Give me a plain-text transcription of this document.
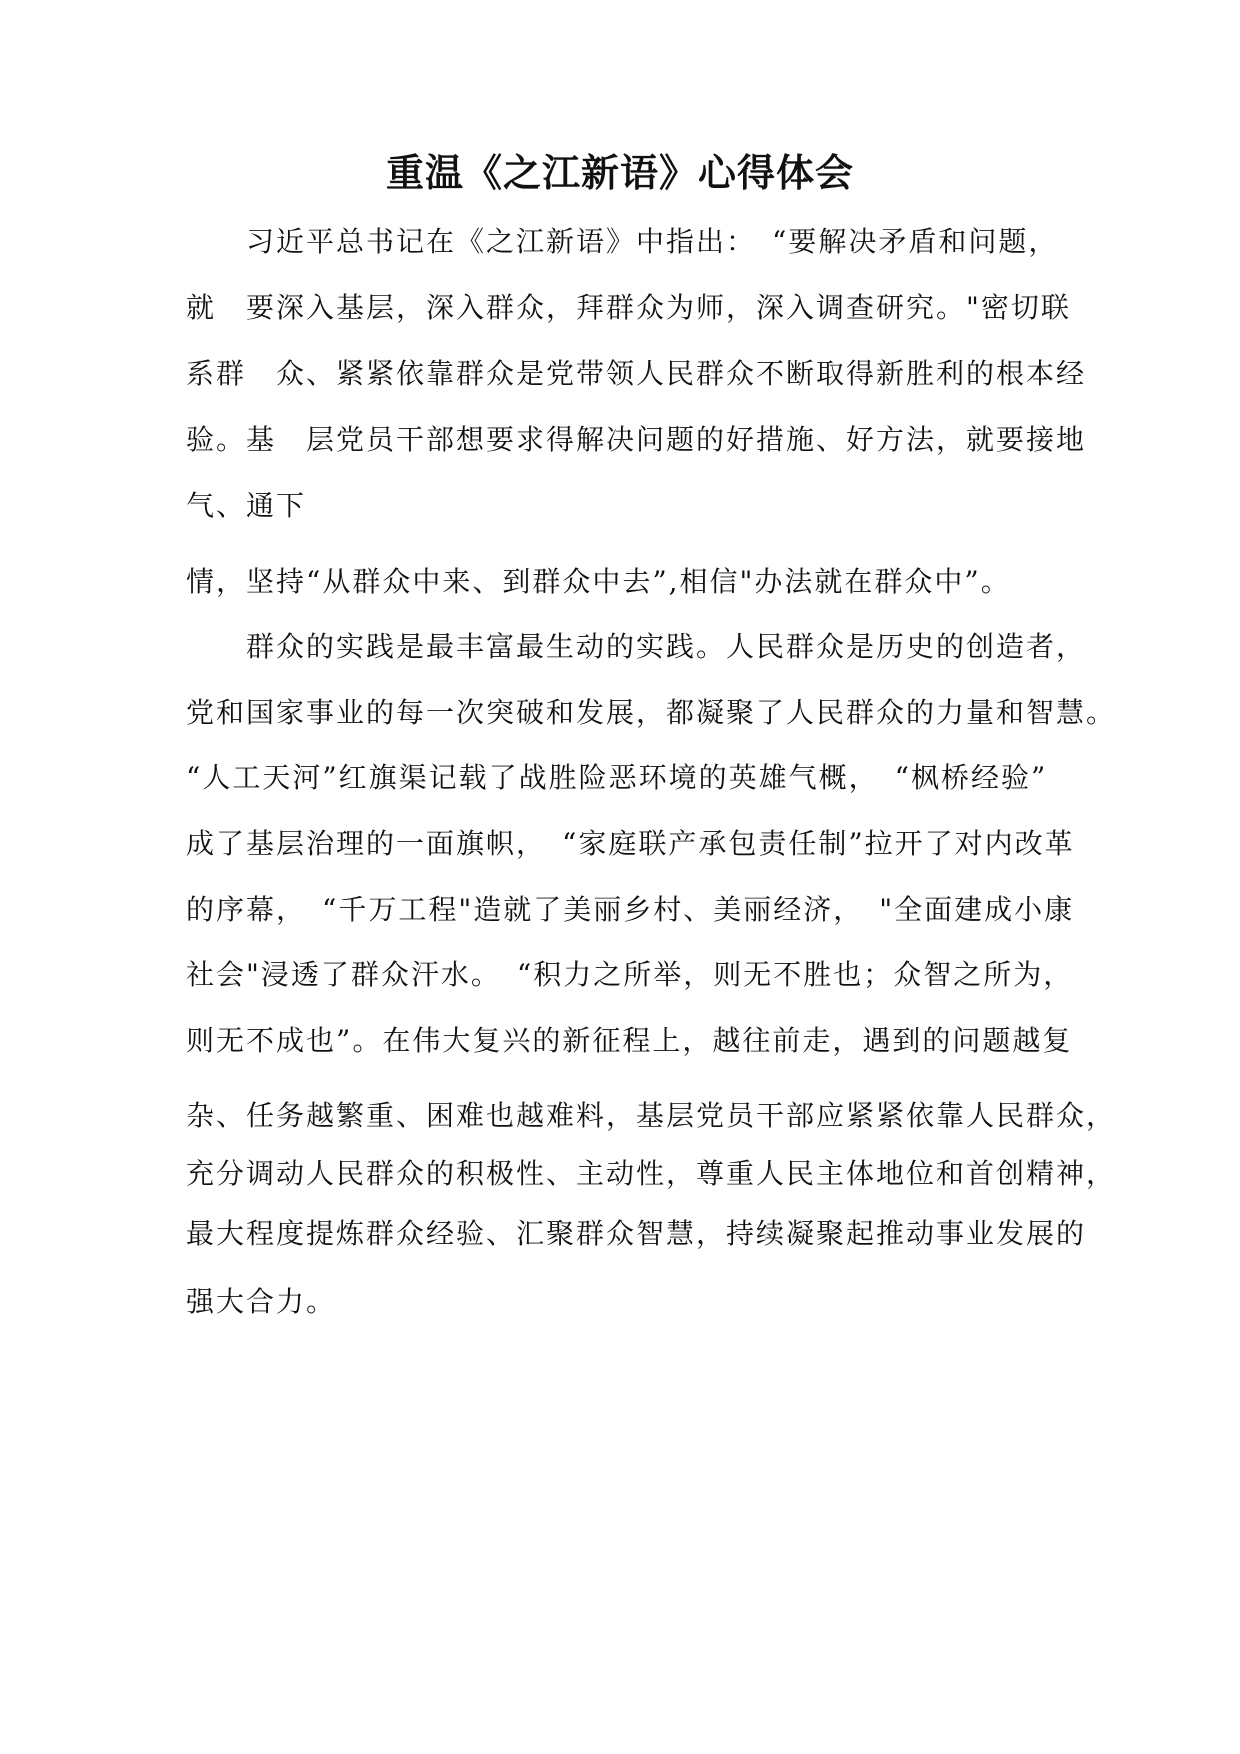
重温《之江新语》心得体会
　　习近平总书记在《之江新语》中指出：　“要解决矛盾和问题，
就　要深入基层，深入群众，拜群众为师，深入调查研究。"密切联
系群　众、紧紧依靠群众是党带领人民群众不断取得新胜利的根本经
验。基　层党员干部想要求得解决问题的好措施、好方法，就要接地
气、通下
情，坚持“从群众中来、到群众中去”,相信"办法就在群众中”。
　　群众的实践是最丰富最生动的实践。人民群众是历史的创造者，
党和国家事业的每一次突破和发展，都凝聚了人民群众的力量和智慧。
“人工天河”红旗渠记载了战胜险恶环境的英雄气概，　“枫桥经验”
成了基层治理的一面旗帜，　“家庭联产承包责任制”拉开了对内改革
的序幕，　“千万工程"造就了美丽乡村、美丽经济，　"全面建成小康
社会"浸透了群众汗水。　“积力之所举，则无不胜也；众智之所为，
则无不成也”。在伟大复兴的新征程上，越往前走，遇到的问题越复
杂、任务越繁重、困难也越难料，基层党员干部应紧紧依靠人民群众，
充分调动人民群众的积极性、主动性，尊重人民主体地位和首创精神，
最大程度提炼群众经验、汇聚群众智慧，持续凝聚起推动事业发展的
强大合力。
